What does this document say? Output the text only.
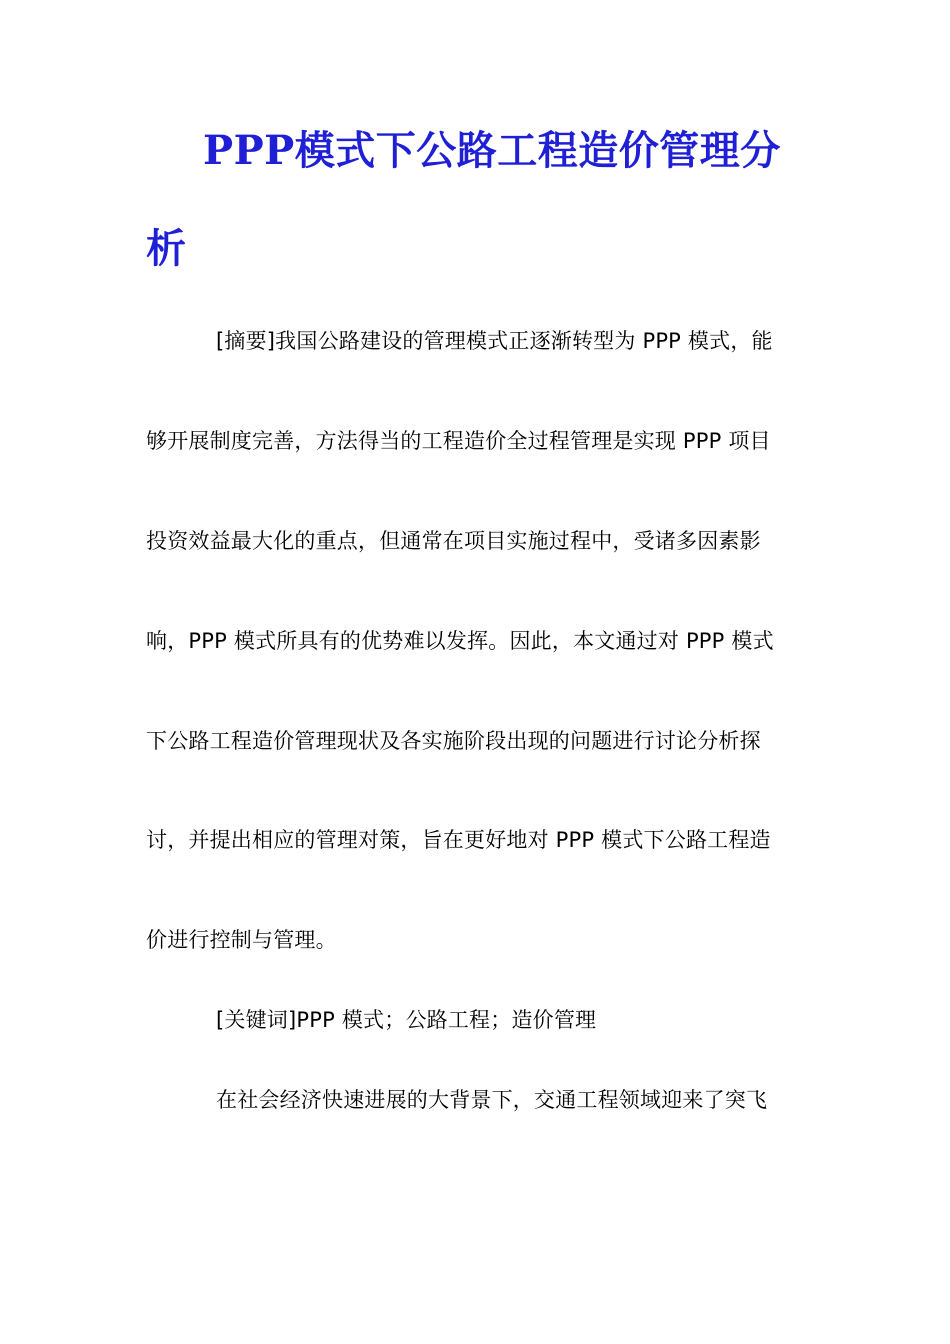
PPP模式下公路工程造价管理分
析
[摘要]我国公路建设的管理模式正逐渐转型为 PPP 模式，能
够开展制度完善，方法得当的工程造价全过程管理是实现 PPP 项目
投资效益最大化的重点，但通常在项目实施过程中，受诸多因素影
响，PPP 模式所具有的优势难以发挥。因此，本文通过对 PPP 模式
下公路工程造价管理现状及各实施阶段出现的问题进行讨论分析探
讨，并提出相应的管理对策，旨在更好地对 PPP 模式下公路工程造
价进行控制与管理。
[关键词]PPP 模式；公路工程；造价管理
在社会经济快速进展的大背景下，交通工程领域迎来了突飞
